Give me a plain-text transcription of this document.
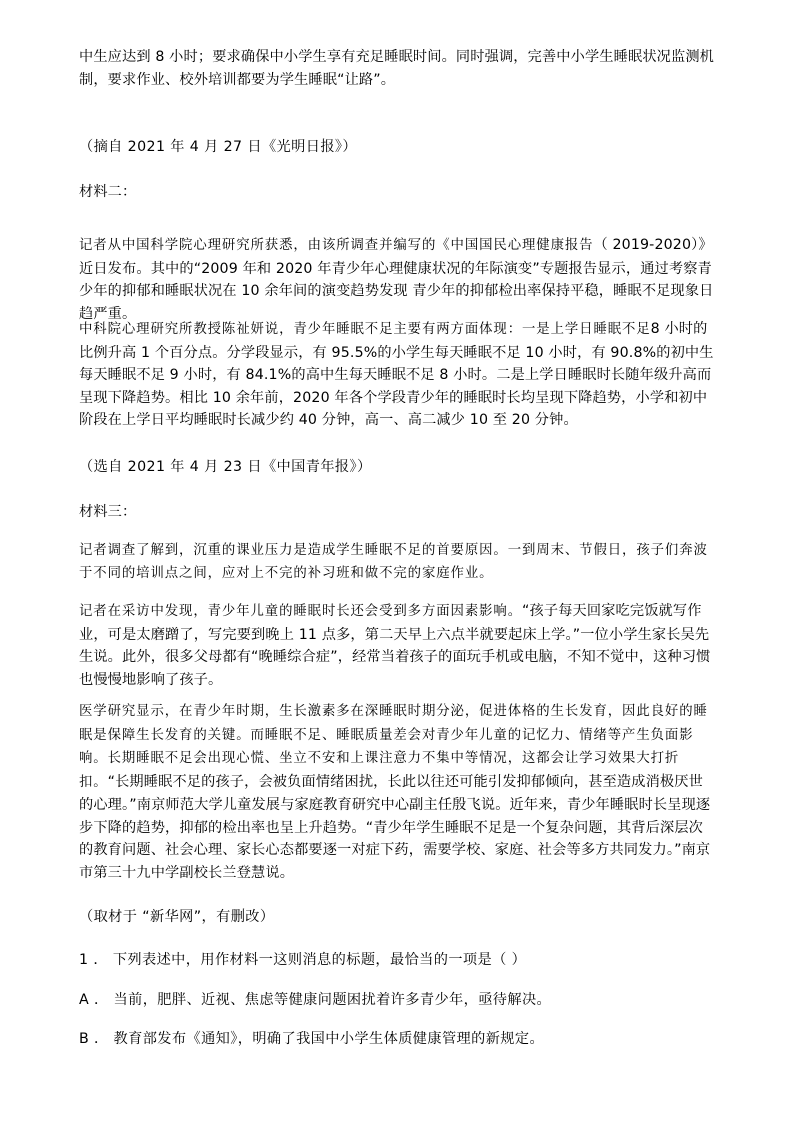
中生应达到 8 小时；要求确保中小学生享有充足睡眠时间。同时强调，完善中小学生睡眠状况监测机制，要求作业、校外培训都要为学生睡眠“让路”。

（摘自 2021 年 4 月 27 日《光明日报》）

材料二：

记者从中国科学院心理研究所获悉，由该所调查并编写的《中国国民心理健康报告（ 2019-2020）》近日发布。其中的“2009 年和 2020 年青少年心理健康状况的年际演变”专题报告显示，通过考察青少年的抑郁和睡眠状况在 10 余年间的演变趋势发现 青少年的抑郁检出率保持平稳，睡眠不足现象日趋严重。

中科院心理研究所教授陈祉妍说，青少年睡眠不足主要有两方面体现：一是上学日睡眠不足8 小时的比例升高 1 个百分点。分学段显示，有 95.5%的小学生每天睡眠不足 10 小时，有 90.8%的初中生每天睡眠不足 9 小时，有 84.1%的高中生每天睡眠不足 8 小时。二是上学日睡眠时长随年级升高而呈现下降趋势。相比 10 余年前，2020 年各个学段青少年的睡眠时长均呈现下降趋势，小学和初中阶段在上学日平均睡眠时长减少约 40 分钟，高一、高二减少 10 至 20 分钟。

（选自 2021 年 4 月 23 日《中国青年报》）

材料三：

记者调查了解到，沉重的课业压力是造成学生睡眠不足的首要原因。一到周末、节假日，孩子们奔波于不同的培训点之间，应对上不完的补习班和做不完的家庭作业。

记者在采访中发现，青少年儿童的睡眠时长还会受到多方面因素影响。“孩子每天回家吃完饭就写作业，可是太磨蹭了，写完要到晚上 11 点多，第二天早上六点半就要起床上学。”一位小学生家长吴先生说。此外，很多父母都有“晚睡综合症”，经常当着孩子的面玩手机或电脑，不知不觉中，这种习惯也慢慢地影响了孩子。

医学研究显示，在青少年时期，生长激素多在深睡眠时期分泌，促进体格的生长发育，因此良好的睡眠是保障生长发育的关键。而睡眠不足、睡眠质量差会对青少年儿童的记忆力、情绪等产生负面影响。长期睡眠不足会出现心慌、坐立不安和上课注意力不集中等情况，这都会让学习效果大打折扣。“长期睡眠不足的孩子，会被负面情绪困扰，长此以往还可能引发抑郁倾向，甚至造成消极厌世的心理。”南京师范大学儿童发展与家庭教育研究中心副主任殷飞说。近年来，青少年睡眠时长呈现逐步下降的趋势，抑郁的检出率也呈上升趋势。“青少年学生睡眠不足是一个复杂问题，其背后深层次的教育问题、社会心理、家长心态都要逐一对症下药，需要学校、家庭、社会等多方共同发力。”南京市第三十九中学副校长兰登慧说。

（取材于 “新华网”，有删改）

1 ． 下列表述中，用作材料一这则消息的标题，最恰当的一项是（ ）

A ． 当前，肥胖、近视、焦虑等健康问题困扰着许多青少年，亟待解决。

B ． 教育部发布《通知》，明确了我国中小学生体质健康管理的新规定。
